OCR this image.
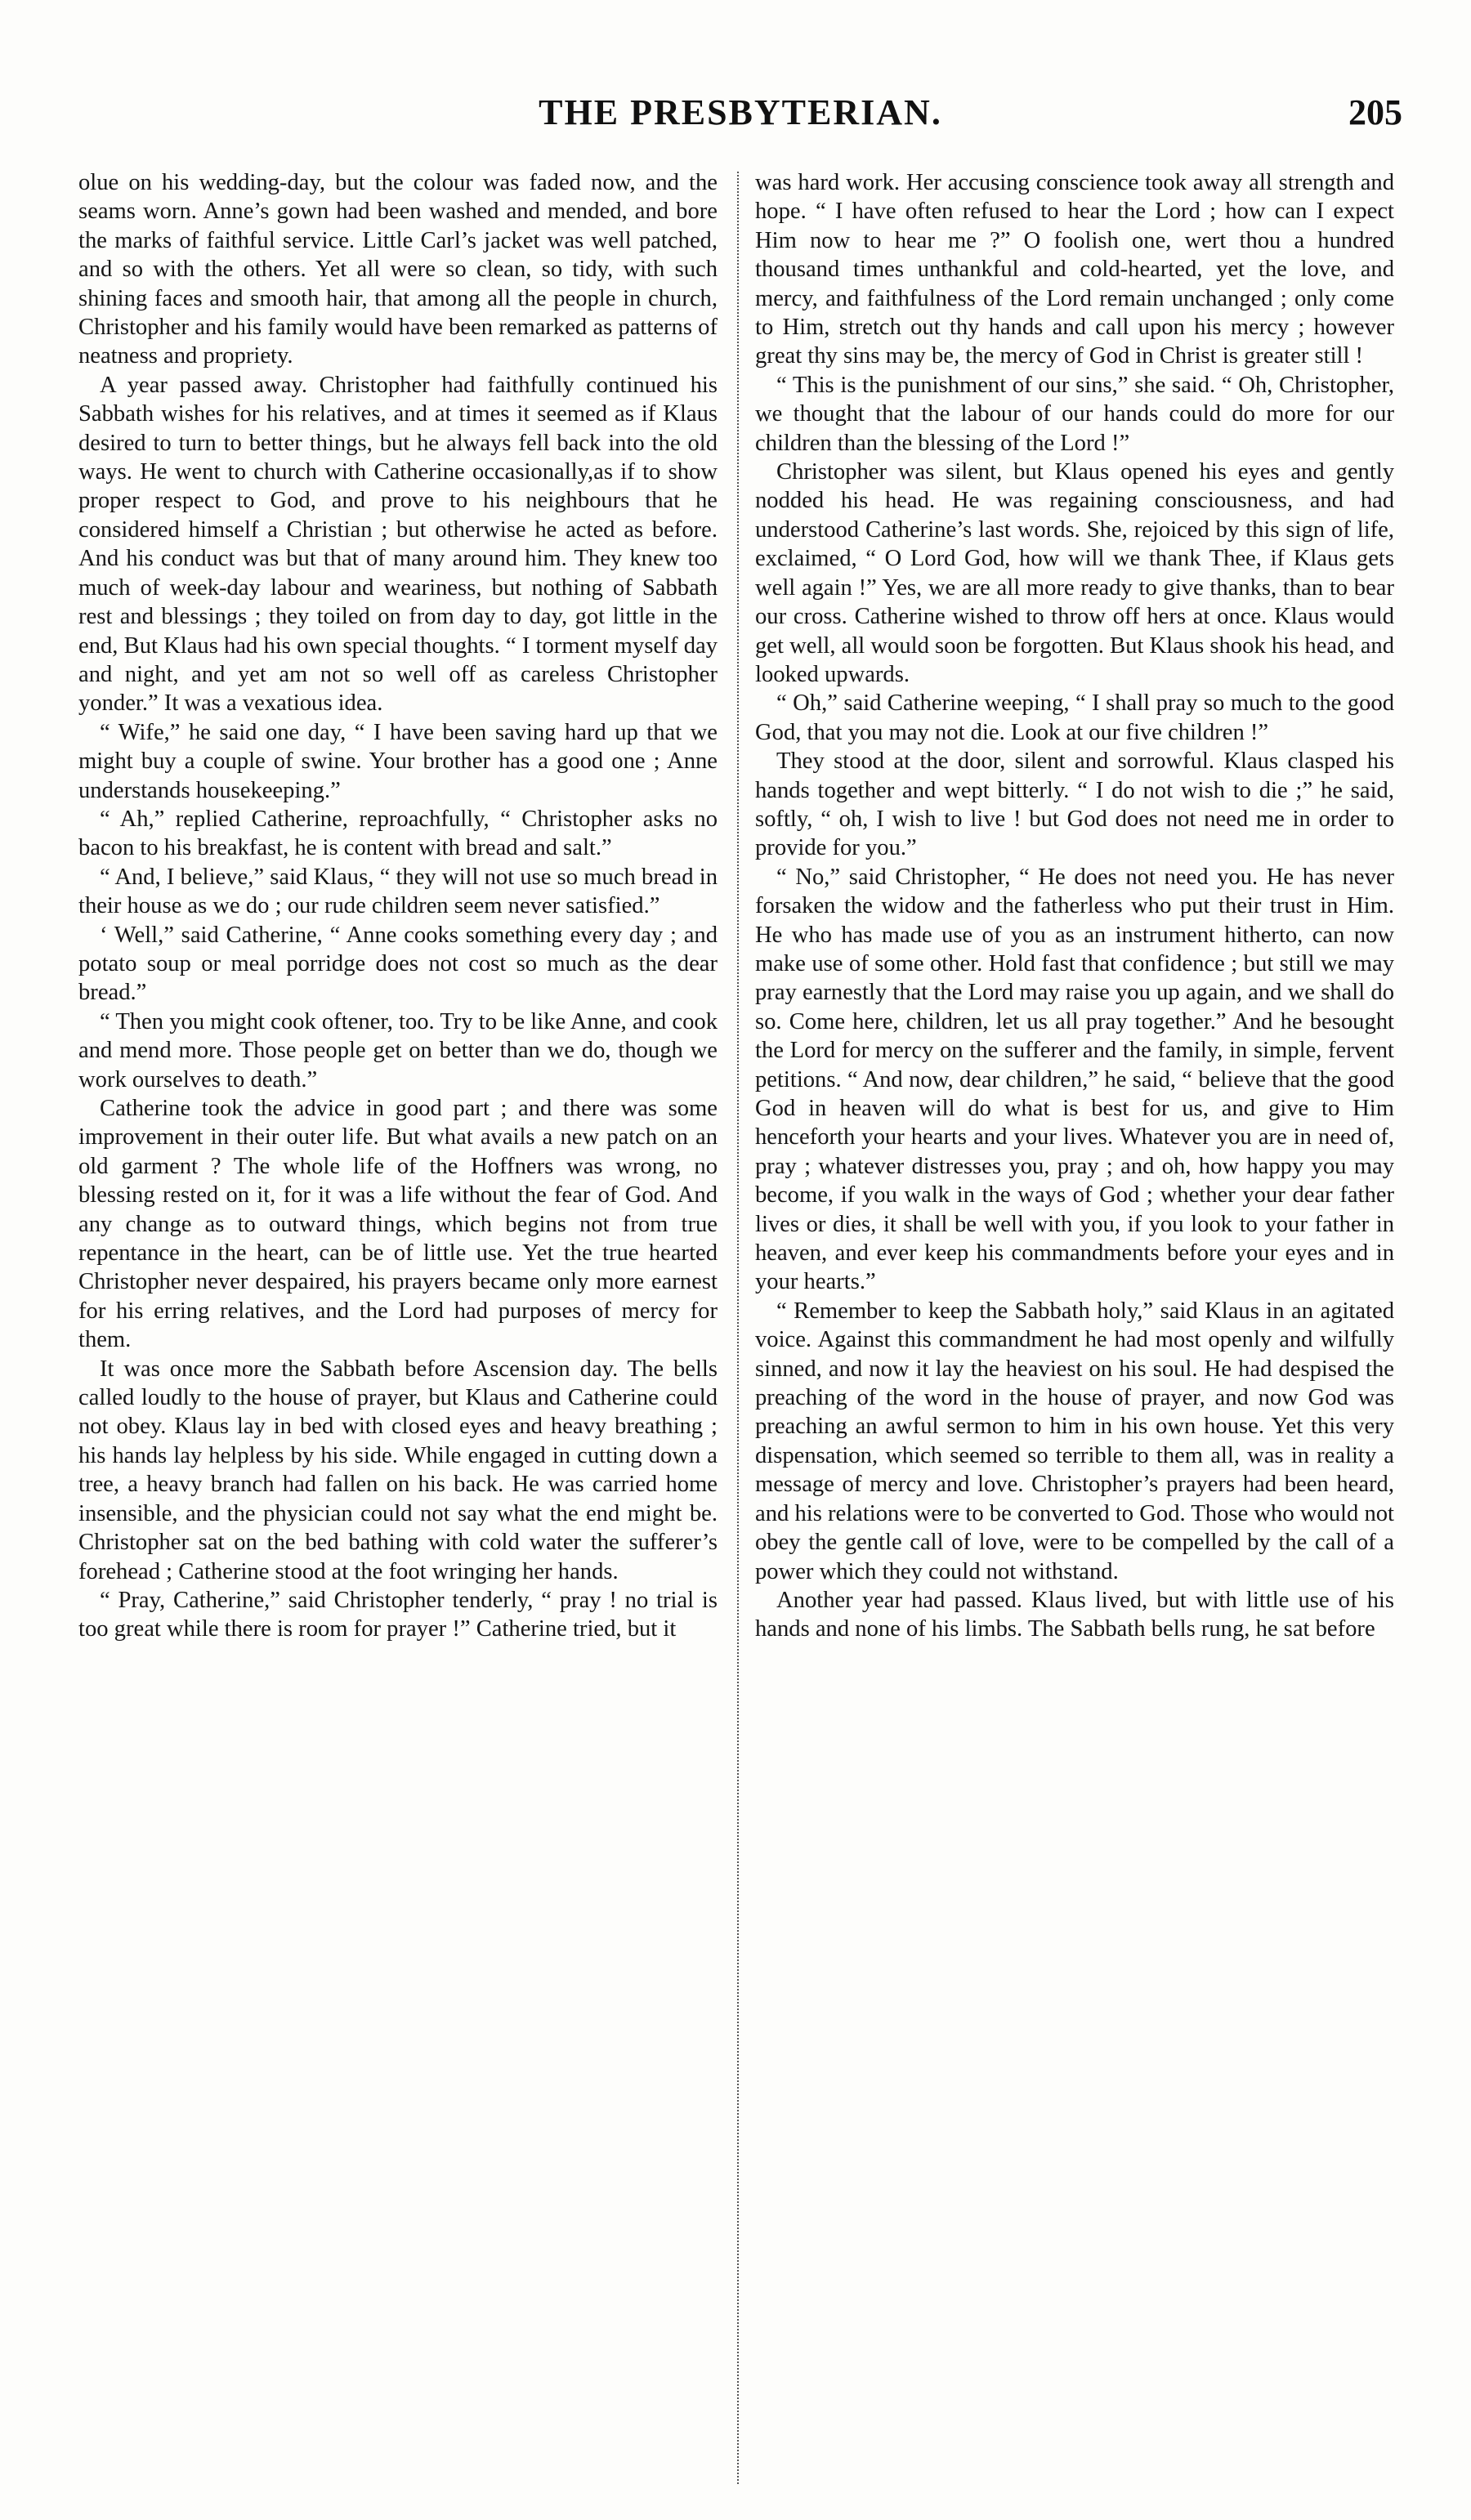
THE PRESBYTERIAN.	205

olue on his wedding-day, but the colour was faded now, and the seams worn. Anne’s gown had been washed and mended, and bore the marks of faithful service. Little Carl’s jacket was well patched, and so with the others. Yet all were so clean, so tidy, with such shining faces and smooth hair, that among all the people in church, Christopher and his family would have been remarked as patterns of neatness and propriety.

A year passed away. Christopher had faithfully continued his Sabbath wishes for his relatives, and at times it seemed as if Klaus desired to turn to better things, but he always fell back into the old ways. He went to church with Catherine occasionally,as if to show proper respect to God, and prove to his neighbours that he considered himself a Christian ; but otherwise he acted as before. And his conduct was but that of many around him. They knew too much of week-day labour and weariness, but nothing of Sabbath rest and blessings ; they toiled on from day to day, got little in the end, But Klaus had his own special thoughts. “ I torment myself day and night, and yet am not so well off as careless Christopher yonder.” It was a vexatious idea.

“ Wife,” he said one day, “ I have been saving hard up that we might buy a couple of swine. Your brother has a good one ; Anne understands housekeeping.”

“ Ah,” replied Catherine, reproachfully, “ Christopher asks no bacon to his breakfast, he is content with bread and salt.”

“ And, I believe,” said Klaus, “ they will not use so much bread in their house as we do ; our rude children seem never satisfied.”

‘ Well,” said Catherine, “ Anne cooks something every day ; and potato soup or meal porridge does not cost so much as the dear bread.”

“ Then you might cook oftener, too. Try to be like Anne, and cook and mend more. Those people get on better than we do, though we work ourselves to death.”

Catherine took the advice in good part ; and there was some improvement in their outer life. But what avails a new patch on an old garment ? The whole life of the Hoffners was wrong, no blessing rested on it, for it was a life without the fear of God. And any change as to outward things, which begins not from true repentance in the heart, can be of little use. Yet the true hearted Christopher never despaired, his prayers became only more earnest for his erring relatives, and the Lord had purposes of mercy for them.

It was once more the Sabbath before Ascension day. The bells called loudly to the house of prayer, but Klaus and Catherine could not obey. Klaus lay in bed with closed eyes and heavy breathing ; his hands lay helpless by his side. While engaged in cutting down a tree, a heavy branch had fallen on his back. He was carried home insensible, and the physician could not say what the end might be. Christopher sat on the bed bathing with cold water the sufferer’s forehead ; Catherine stood at the foot wringing her hands.

“ Pray, Catherine,” said Christopher tenderly, “ pray ! no trial is too great while there is room for prayer !” Catherine tried, but it

was hard work. Her accusing conscience took away all strength and hope. “ I have often refused to hear the Lord ; how can I expect Him now to hear me ?” O foolish one, wert thou a hundred thousand times unthankful and cold-hearted, yet the love, and mercy, and faithfulness of the Lord remain unchanged ; only come to Him, stretch out thy hands and call upon his mercy ; however great thy sins may be, the mercy of God in Christ is greater still !

“ This is the punishment of our sins,” she said. “ Oh, Christopher, we thought that the labour of our hands could do more for our children than the blessing of the Lord !”

Christopher was silent, but Klaus opened his eyes and gently nodded his head. He was regaining consciousness, and had understood Catherine’s last words. She, rejoiced by this sign of life, exclaimed, “ O Lord God, how will we thank Thee, if Klaus gets well again !” Yes, we are all more ready to give thanks, than to bear our cross. Catherine wished to throw off hers at once. Klaus would get well, all would soon be forgotten. But Klaus shook his head, and looked upwards.

“ Oh,” said Catherine weeping, “ I shall pray so much to the good God, that you may not die. Look at our five children !”

They stood at the door, silent and sorrowful. Klaus clasped his hands together and wept bitterly. “ I do not wish to die ;” he said, softly, “ oh, I wish to live ! but God does not need me in order to provide for you.”

“ No,” said Christopher, “ He does not need you. He has never forsaken the widow and the fatherless who put their trust in Him. He who has made use of you as an instrument hitherto, can now make use of some other. Hold fast that confidence ; but still we may pray earnestly that the Lord may raise you up again, and we shall do so. Come here, children, let us all pray together.” And he besought the Lord for mercy on the sufferer and the family, in simple, fervent petitions. “ And now, dear children,” he said, “ believe that the good God in heaven will do what is best for us, and give to Him henceforth your hearts and your lives. Whatever you are in need of, pray ; whatever distresses you, pray ; and oh, how happy you may become, if you walk in the ways of God ; whether your dear father lives or dies, it shall be well with you, if you look to your father in heaven, and ever keep his commandments before your eyes and in your hearts.”

“ Remember to keep the Sabbath holy,” said Klaus in an agitated voice. Against this commandment he had most openly and wilfully sinned, and now it lay the heaviest on his soul. He had despised the preaching of the word in the house of prayer, and now God was preaching an awful sermon to him in his own house. Yet this very dispensation, which seemed so terrible to them all, was in reality a message of mercy and love. Christopher’s prayers had been heard, and his relations were to be converted to God. Those who would not obey the gentle call of love, were to be compelled by the call of a power which they could not withstand.

Another year had passed. Klaus lived, but with little use of his hands and none of his limbs. The Sabbath bells rung, he sat before
